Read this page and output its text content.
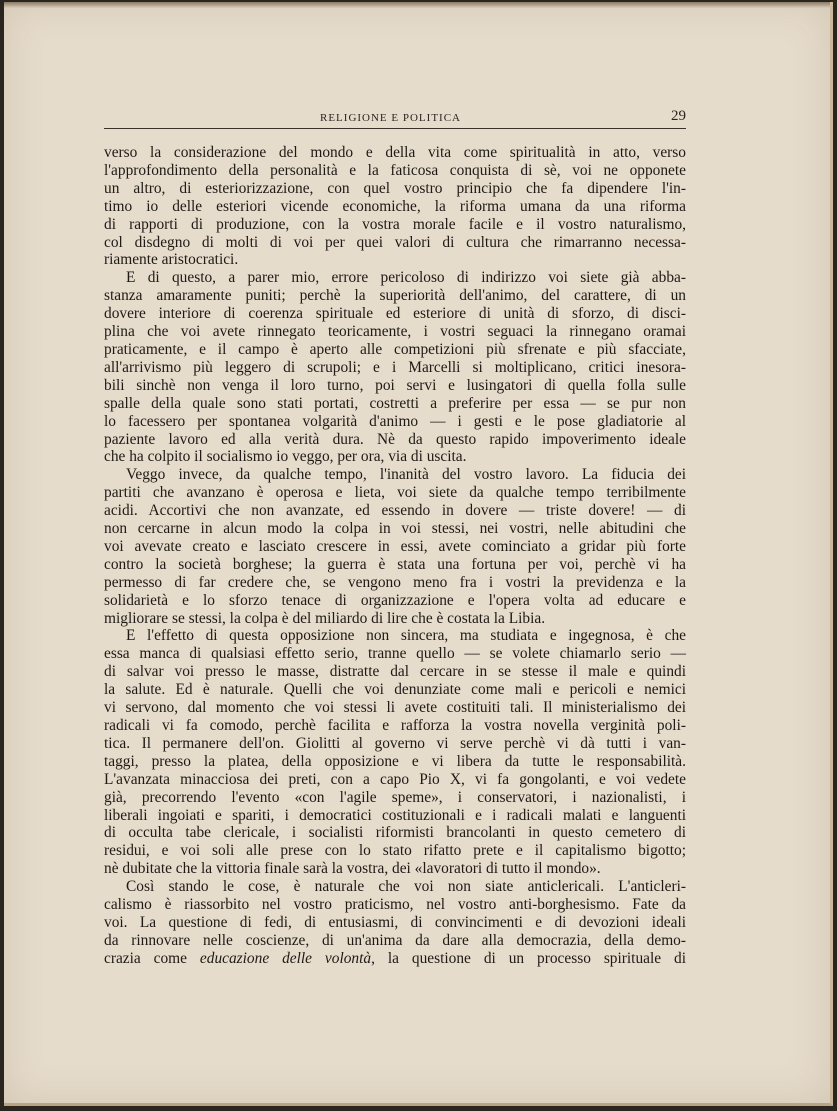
RELIGIONE E POLITICA	29
verso la considerazione del mondo e della vita come spiritualità in atto, verso
l'approfondimento della personalità e la faticosa conquista di sè, voi ne opponete
un altro, di esteriorizzazione, con quel vostro principio che fa dipendere l'in-
timo io delle esteriori vicende economiche, la riforma umana da una riforma
di rapporti di produzione, con la vostra morale facile e il vostro naturalismo,
col disdegno di molti di voi per quei valori di cultura che rimarranno necessa-
riamente aristocratici.
E di questo, a parer mio, errore pericoloso di indirizzo voi siete già abba-
stanza amaramente puniti; perchè la superiorità dell'animo, del carattere, di un
dovere interiore di coerenza spirituale ed esteriore di unità di sforzo, di disci-
plina che voi avete rinnegato teoricamente, i vostri seguaci la rinnegano oramai
praticamente, e il campo è aperto alle competizioni più sfrenate e più sfacciate,
all'arrivismo più leggero di scrupoli; e i Marcelli si moltiplicano, critici inesora-
bili sinchè non venga il loro turno, poi servi e lusingatori di quella folla sulle
spalle della quale sono stati portati, costretti a preferire per essa — se pur non
lo facessero per spontanea volgarità d'animo — i gesti e le pose gladiatorie al
paziente lavoro ed alla verità dura. Nè da questo rapido impoverimento ideale
che ha colpito il socialismo io veggo, per ora, via di uscita.
Veggo invece, da qualche tempo, l'inanità del vostro lavoro. La fiducia dei
partiti che avanzano è operosa e lieta, voi siete da qualche tempo terribilmente
acidi. Accortivi che non avanzate, ed essendo in dovere — triste dovere! — di
non cercarne in alcun modo la colpa in voi stessi, nei vostri, nelle abitudini che
voi avevate creato e lasciato crescere in essi, avete cominciato a gridar più forte
contro la società borghese; la guerra è stata una fortuna per voi, perchè vi ha
permesso di far credere che, se vengono meno fra i vostri la previdenza e la
solidarietà e lo sforzo tenace di organizzazione e l'opera volta ad educare e
migliorare se stessi, la colpa è del miliardo di lire che è costata la Libia.
E l'effetto di questa opposizione non sincera, ma studiata e ingegnosa, è che
essa manca di qualsiasi effetto serio, tranne quello — se volete chiamarlo serio —
di salvar voi presso le masse, distratte dal cercare in se stesse il male e quindi
la salute. Ed è naturale. Quelli che voi denunziate come mali e pericoli e nemici
vi servono, dal momento che voi stessi li avete costituiti tali. Il ministerialismo dei
radicali vi fa comodo, perchè facilita e rafforza la vostra novella verginità poli-
tica. Il permanere dell'on. Giolitti al governo vi serve perchè vi dà tutti i van-
taggi, presso la platea, della opposizione e vi libera da tutte le responsabilità.
L'avanzata minacciosa dei preti, con a capo Pio X, vi fa gongolanti, e voi vedete
già, precorrendo l'evento «con l'agile speme», i conservatori, i nazionalisti, i
liberali ingoiati e spariti, i democratici costituzionali e i radicali malati e languenti
di occulta tabe clericale, i socialisti riformisti brancolanti in questo cemetero di
residui, e voi soli alle prese con lo stato rifatto prete e il capitalismo bigotto;
nè dubitate che la vittoria finale sarà la vostra, dei «lavoratori di tutto il mondo».
Così stando le cose, è naturale che voi non siate anticlericali. L'anticleri-
calismo è riassorbito nel vostro praticismo, nel vostro anti-borghesismo. Fate da
voi. La questione di fedi, di entusiasmi, di convincimenti e di devozioni ideali
da rinnovare nelle coscienze, di un'anima da dare alla democrazia, della demo-
crazia come educazione delle volontà, la questione di un processo spirituale di
